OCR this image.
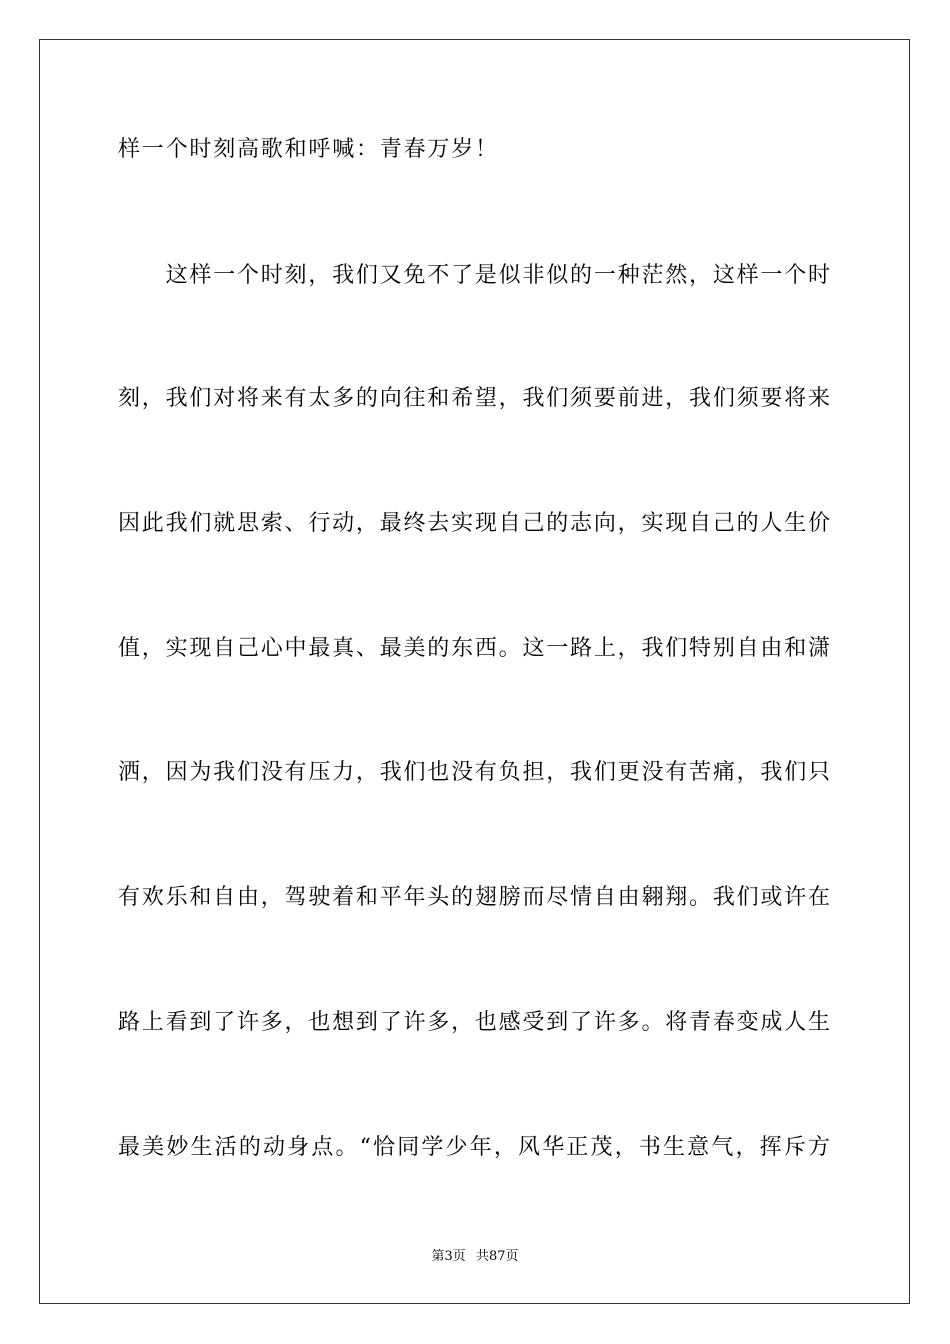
样一个时刻高歌和呼喊：青春万岁！
　　这样一个时刻，我们又免不了是似非似的一种茫然，这样一个时
刻，我们对将来有太多的向往和希望，我们须要前进，我们须要将来
因此我们就思索、行动，最终去实现自己的志向，实现自己的人生价
值，实现自己心中最真、最美的东西。这一路上，我们特别自由和潇
洒，因为我们没有压力，我们也没有负担，我们更没有苦痛，我们只
有欢乐和自由，驾驶着和平年头的翅膀而尽情自由翱翔。我们或许在
路上看到了许多，也想到了许多，也感受到了许多。将青春变成人生
最美妙生活的动身点。“恰同学少年，风华正茂，书生意气，挥斥方
第3页 共87页
